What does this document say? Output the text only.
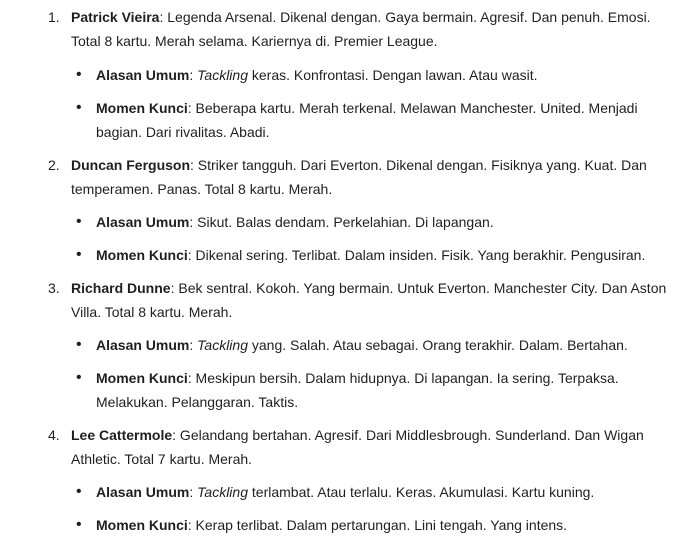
1. Patrick Vieira: Legenda Arsenal. Dikenal dengan. Gaya bermain. Agresif. Dan penuh. Emosi. Total 8 kartu. Merah selama. Kariernya di. Premier League.

• Alasan Umum: Tackling keras. Konfrontasi. Dengan lawan. Atau wasit.
• Momen Kunci: Beberapa kartu. Merah terkenal. Melawan Manchester. United. Menjadi bagian. Dari rivalitas. Abadi.
2. Duncan Ferguson: Striker tangguh. Dari Everton. Dikenal dengan. Fisiknya yang. Kuat. Dan temperamen. Panas. Total 8 kartu. Merah.

• Alasan Umum: Sikut. Balas dendam. Perkelahian. Di lapangan.
• Momen Kunci: Dikenal sering. Terlibat. Dalam insiden. Fisik. Yang berakhir. Pengusiran.
3. Richard Dunne: Bek sentral. Kokoh. Yang bermain. Untuk Everton. Manchester City. Dan Aston Villa. Total 8 kartu. Merah.

• Alasan Umum: Tackling yang. Salah. Atau sebagai. Orang terakhir. Dalam. Bertahan.
• Momen Kunci: Meskipun bersih. Dalam hidupnya. Di lapangan. Ia sering. Terpaksa. Melakukan. Pelanggaran. Taktis.
4. Lee Cattermole: Gelandang bertahan. Agresif. Dari Middlesbrough. Sunderland. Dan Wigan Athletic. Total 7 kartu. Merah.

• Alasan Umum: Tackling terlambat. Atau terlalu. Keras. Akumulasi. Kartu kuning.
• Momen Kunci: Kerap terlibat. Dalam pertarungan. Lini tengah. Yang intens.
